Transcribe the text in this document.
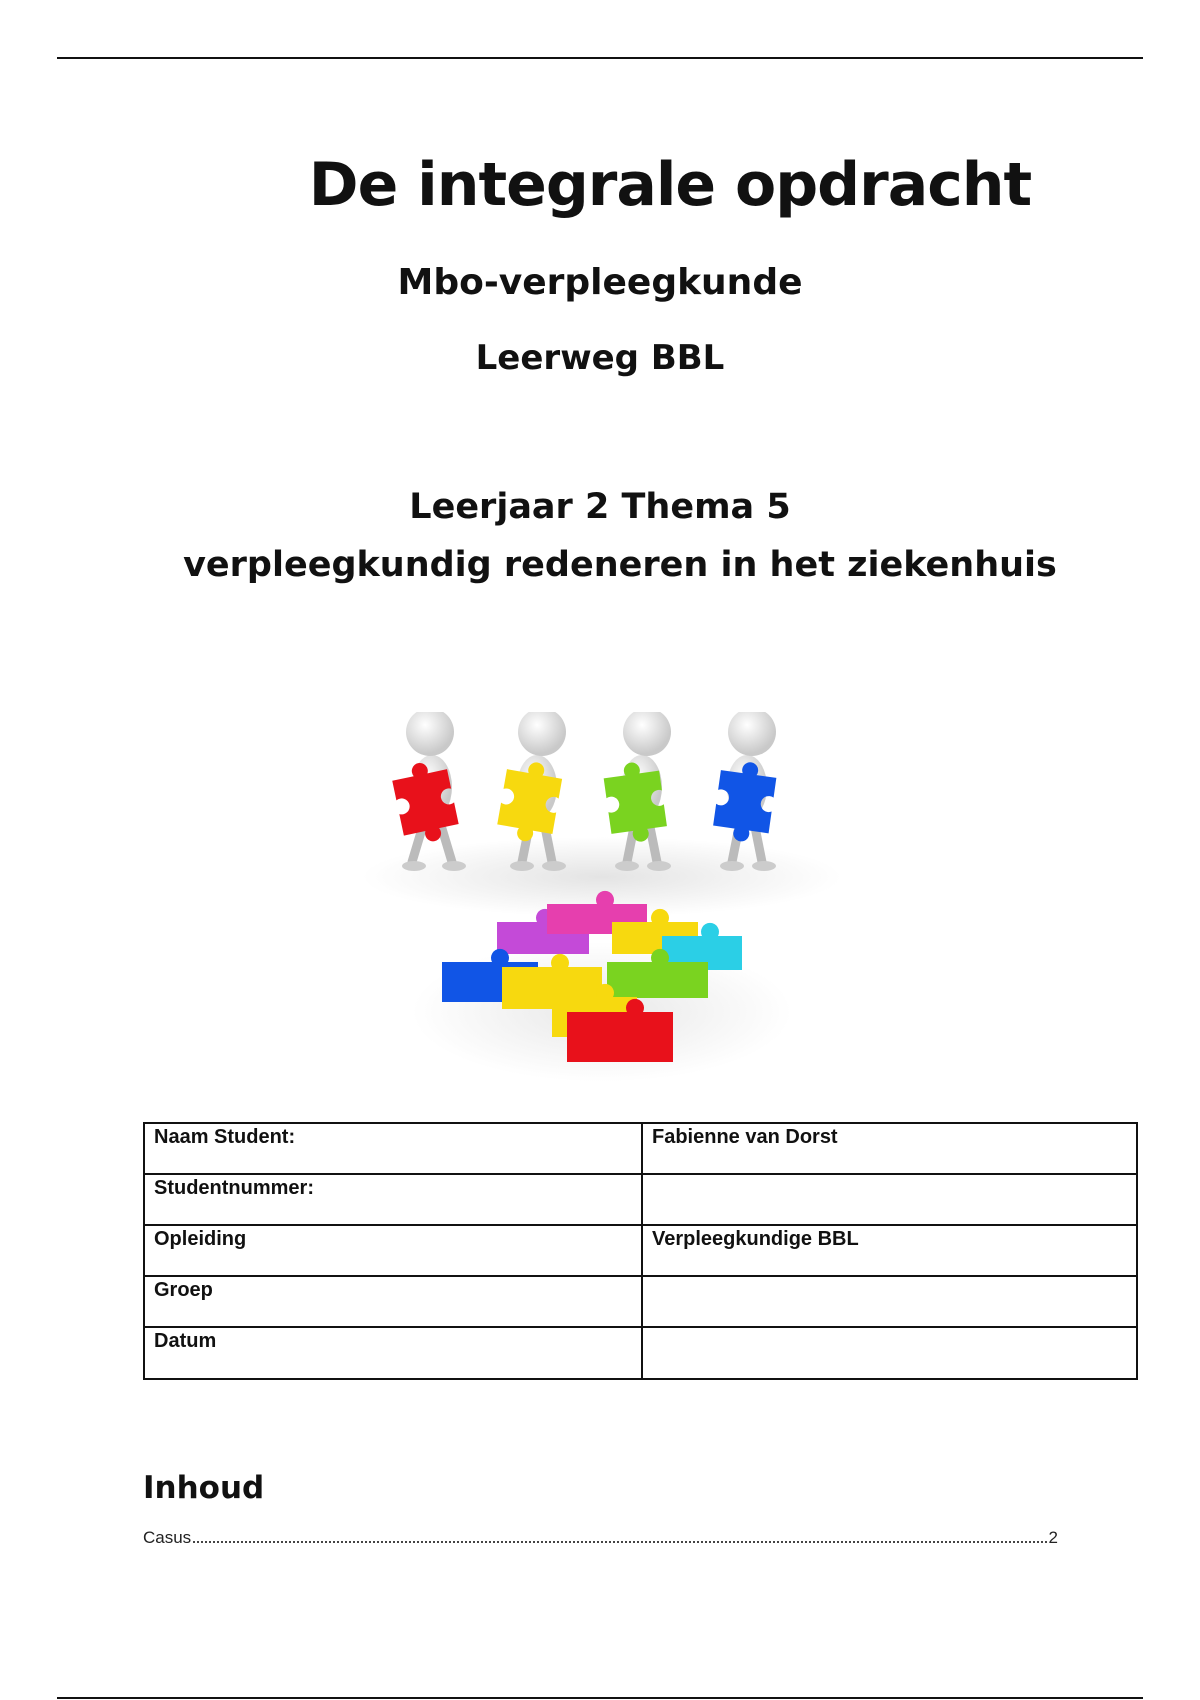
De integrale opdracht
Mbo-verpleegkunde
Leerweg BBL
Leerjaar 2 Thema 5
verpleegkundig redeneren in het ziekenhuis
Naam Student:	Fabienne van Dorst
Studentnummer:	
Opleiding	Verpleegkundige BBL
Groep	
Datum	
Inhoud
Casus	2
